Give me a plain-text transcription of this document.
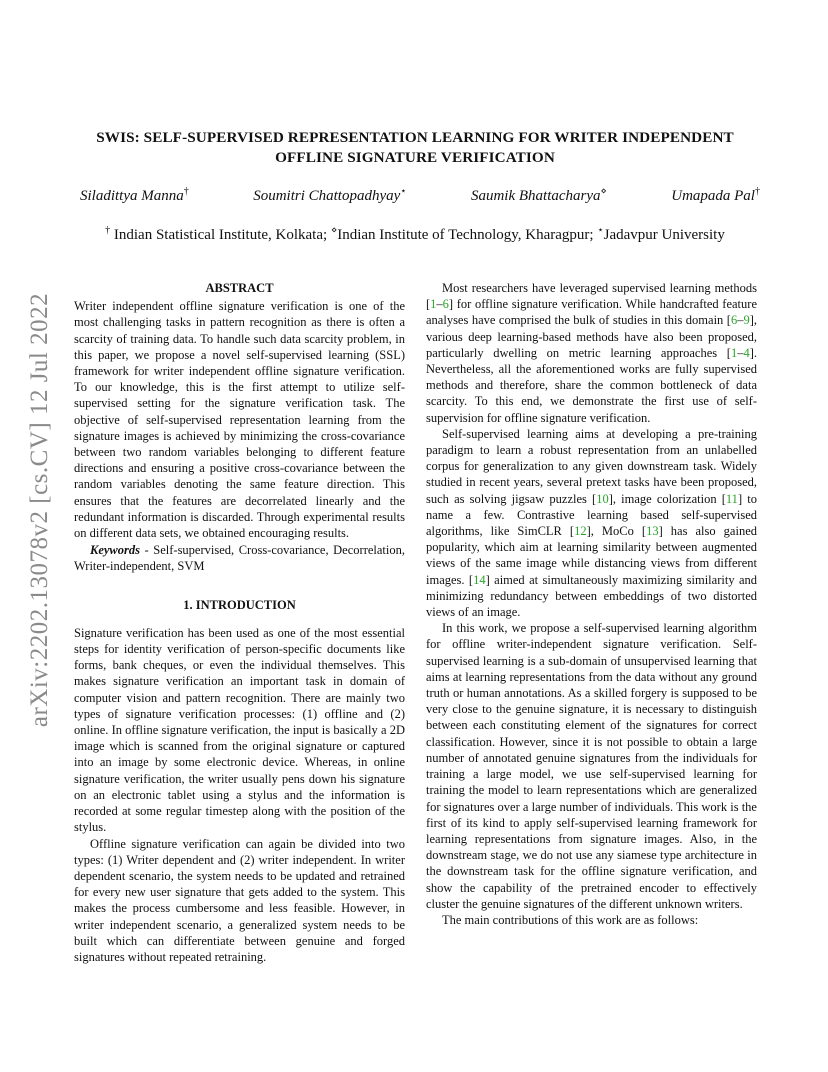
arXiv:2202.13078v2 [cs.CV] 12 Jul 2022
SWIS: SELF-SUPERVISED REPRESENTATION LEARNING FOR WRITER INDEPENDENT OFFLINE SIGNATURE VERIFICATION
Siladittya Manna†	Soumitri Chattopadhyay⋆	Saumik Bhattacharya⋄	Umapada Pal†
† Indian Statistical Institute, Kolkata; ⋄Indian Institute of Technology, Kharagpur; ⋆Jadavpur University
ABSTRACT

Writer independent offline signature verification is one of the most challenging tasks in pattern recognition as there is often a scarcity of training data. To handle such data scarcity problem, in this paper, we propose a novel self-supervised learning (SSL) framework for writer independent offline signature verification. To our knowledge, this is the first attempt to utilize self-supervised setting for the signature verification task. The objective of self-supervised representation learning from the signature images is achieved by minimizing the cross-covariance between two random variables belonging to different feature directions and ensuring a positive cross-covariance between the random variables denoting the same feature direction. This ensures that the features are decorrelated linearly and the redundant information is discarded. Through experimental results on different data sets, we obtained encouraging results.

Keywords - Self-supervised, Cross-covariance, Decorrelation, Writer-independent, SVM

1. INTRODUCTION

Signature verification has been used as one of the most essential steps for identity verification of person-specific documents like forms, bank cheques, or even the individual themselves. This makes signature verification an important task in domain of computer vision and pattern recognition. There are mainly two types of signature verification processes: (1) offline and (2) online. In offline signature verification, the input is basically a 2D image which is scanned from the original signature or captured into an image by some electronic device. Whereas, in online signature verification, the writer usually pens down his signature on an electronic tablet using a stylus and the information is recorded at some regular timestep along with the position of the stylus.

Offline signature verification can again be divided into two types: (1) Writer dependent and (2) writer independent. In writer dependent scenario, the system needs to be updated and retrained for every new user signature that gets added to the system. This makes the process cumbersome and less feasible. However, in writer independent scenario, a generalized system needs to be built which can differentiate between genuine and forged signatures without repeated retraining.

Most researchers have leveraged supervised learning methods [1–6] for offline signature verification. While handcrafted feature analyses have comprised the bulk of studies in this domain [6–9], various deep learning-based methods have also been proposed, particularly dwelling on metric learning approaches [1–4]. Nevertheless, all the aforementioned works are fully supervised methods and therefore, share the common bottleneck of data scarcity. To this end, we demonstrate the first use of self-supervision for offline signature verification.

Self-supervised learning aims at developing a pre-training paradigm to learn a robust representation from an unlabelled corpus for generalization to any given downstream task. Widely studied in recent years, several pretext tasks have been proposed, such as solving jigsaw puzzles [10], image colorization [11] to name a few. Contrastive learning based self-supervised algorithms, like SimCLR [12], MoCo [13] has also gained popularity, which aim at learning similarity between augmented views of the same image while distancing views from different images. [14] aimed at simultaneously maximizing similarity and minimizing redundancy between embeddings of two distorted views of an image.

In this work, we propose a self-supervised learning algorithm for offline writer-independent signature verification. Self-supervised learning is a sub-domain of unsupervised learning that aims at learning representations from the data without any ground truth or human annotations. As a skilled forgery is supposed to be very close to the genuine signature, it is necessary to distinguish between each constituting element of the signatures for correct classification. However, since it is not possible to obtain a large number of annotated genuine signatures from the individuals for training a large model, we use self-supervised learning for training the model to learn representations which are generalized for signatures over a large number of individuals. This work is the first of its kind to apply self-supervised learning framework for learning representations from signature images. Also, in the downstream stage, we do not use any siamese type architecture in the downstream task for the offline signature verification, and show the capability of the pretrained encoder to effectively cluster the genuine signatures of the different unknown writers.

The main contributions of this work are as follows:
